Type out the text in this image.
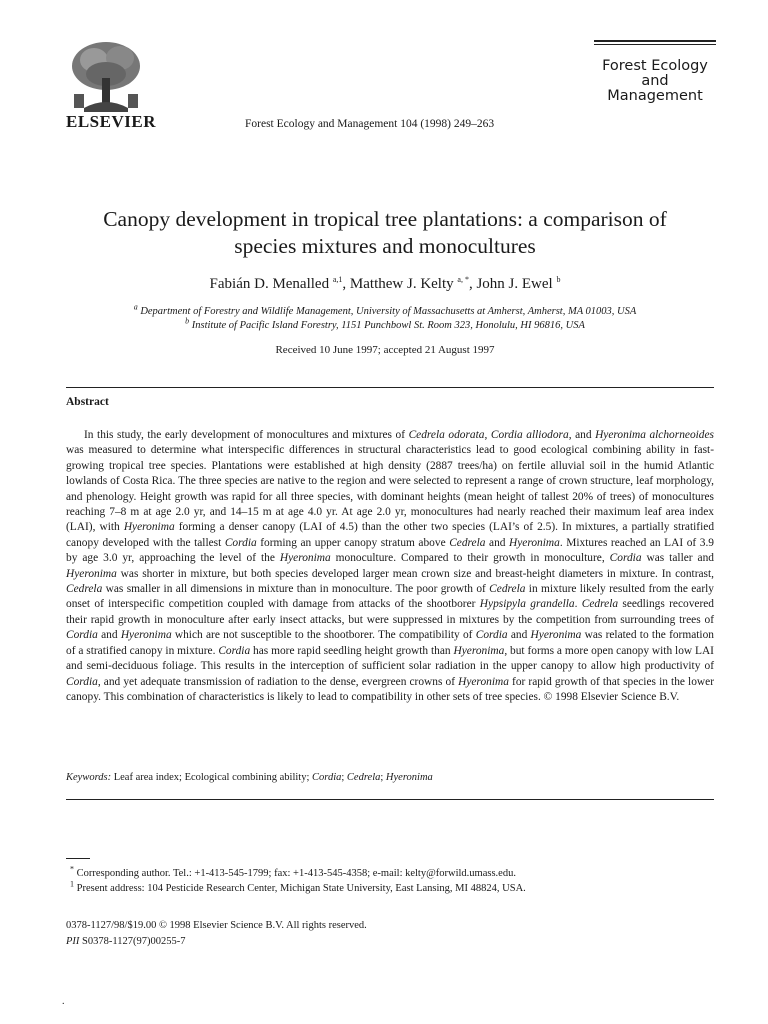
ELSEVIER	Forest Ecology and Management 104 (1998) 249–263
Forest Ecology
and
Management
Canopy development in tropical tree plantations: a comparison of
species mixtures and monocultures
Fabián D. Menalled $^{a,1}$, Matthew J. Kelty $^{a, *}$, John J. Ewel $^b$
$^a$ Department of Forestry and Wildlife Management, University of Massachusetts at Amherst, Amherst, MA 01003, USA
$^b$ Institute of Pacific Island Forestry, 1151 Punchbowl St. Room 323, Honolulu, HI 96816, USA
Received 10 June 1997; accepted 21 August 1997
Abstract
In this study, the early development of monocultures and mixtures of Cedrela odorata, Cordia alliodora, and Hyeronima alchorneoides was measured to determine what interspecific differences in structural characteristics lead to good ecological combining ability in fast-growing tropical tree species. Plantations were established at high density (2887 trees/ha) on fertile alluvial soil in the humid Atlantic lowlands of Costa Rica. The three species are native to the region and were selected to represent a range of crown structure, leaf morphology, and phenology. Height growth was rapid for all three species, with dominant heights (mean height of tallest 20% of trees) of monocultures reaching 7–8 m at age 2.0 yr, and 14–15 m at age 4.0 yr. At age 2.0 yr, monocultures had nearly reached their maximum leaf area index (LAI), with Hyeronima forming a denser canopy (LAI of 4.5) than the other two species (LAI’s of 2.5). In mixtures, a partially stratified canopy developed with the tallest Cordia forming an upper canopy stratum above Cedrela and Hyeronima. Mixtures reached an LAI of 3.9 by age 3.0 yr, approaching the level of the Hyeronima monoculture. Compared to their growth in monoculture, Cordia was taller and Hyeronima was shorter in mixture, but both species developed larger mean crown size and breast-height diameters in mixture. In contrast, Cedrela was smaller in all dimensions in mixture than in monoculture. The poor growth of Cedrela in mixture likely resulted from the early onset of interspecific competition coupled with damage from attacks of the shootborer Hypsipyla grandella. Cedrela seedlings recovered their rapid growth in monoculture after early insect attacks, but were suppressed in mixtures by the competition from surrounding trees of Cordia and Hyeronima which are not susceptible to the shootborer. The compatibility of Cordia and Hyeronima was related to the formation of a stratified canopy in mixture. Cordia has more rapid seedling height growth than Hyeronima, but forms a more open canopy with low LAI and semi-deciduous foliage. This results in the interception of sufficient solar radiation in the upper canopy to allow high productivity of Cordia, and yet adequate transmission of radiation to the dense, evergreen crowns of Hyeronima for rapid growth of that species in the lower canopy. This combination of characteristics is likely to lead to compatibility in other sets of tree species. © 1998 Elsevier Science B.V.
Keywords: Leaf area index; Ecological combining ability; Cordia; Cedrela; Hyeronima
* Corresponding author. Tel.: +1-413-545-1799; fax: +1-413-545-4358; e-mail: kelty@forwild.umass.edu.
$^1$ Present address: 104 Pesticide Research Center, Michigan State University, East Lansing, MI 48824, USA.
0378-1127/98/$19.00 © 1998 Elsevier Science B.V. All rights reserved.
PII S0378-1127(97)00255-7
.
